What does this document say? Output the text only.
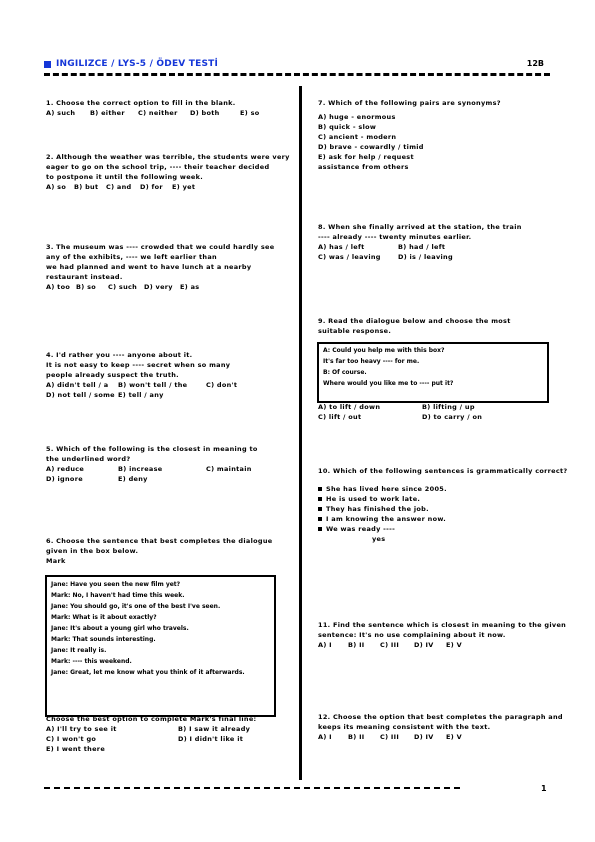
INGILIZCE / LYS-5 / ÖDEV TESTİ	12B
1. Choose the correct option to fill in the blank.
A) such B) either C) neither D) both	E) so
2. Although the weather was terrible, the students were very
eager to go on the school trip, ---- their teacher decided
to postpone it until the following week.
A) so B) but C) and D) for E) yet
3. The museum was ---- crowded that we could hardly see
any of the exhibits, ---- we left earlier than
we had planned and went to have lunch at a nearby
restaurant instead.
A) too B) so C) such D) very E) as
4. I'd rather you ---- anyone about it.
It is not easy to keep ---- secret when so many
people already suspect the truth.
A) didn't tell / a B) won't tell / the	C) don't
D) not tell / some E) tell / any
5. Which of the following is the closest in meaning to
the underlined word?
A) reduce	B) increase	C) maintain
D) ignore	E) deny
6. Choose the sentence that best completes the dialogue
given in the box below.
Mark
Jane: Have you seen the new film yet?
Mark: No, I haven't had time this week.
Jane: You should go, it's one of the best I've seen.
Mark: What is it about exactly?
Jane: It's about a young girl who travels.
Mark: That sounds interesting.
Jane: It really is.
Mark: ---- this weekend.
Jane: Great, let me know what you think of it afterwards.
Choose the best option to complete Mark's final line:
A) I'll try to see it	B) I saw it already
C) I won't go	D) I didn't like it
E) I went there
7. Which of the following pairs are synonyms?
A) huge - enormous
B) quick - slow
C) ancient - modern
D) brave - cowardly / timid
E) ask for help / request
assistance from others
8. When she finally arrived at the station, the train
---- already ---- twenty minutes earlier.
A) has / left	B) had / left
C) was / leaving	D) is / leaving
9. Read the dialogue below and choose the most
suitable response.
A: Could you help me with this box?
It's far too heavy ---- for me.
B: Of course.
Where would you like me to ---- put it?
A) to lift / down	B) lifting / up
C) lift / out	D) to carry / on
10. Which of the following sentences is grammatically correct?
She has lived here since 2005.
He is used to work late.
They has finished the job.
I am knowing the answer now.
We was ready ----
yes
11. Find the sentence which is closest in meaning to the given
sentence: It's no use complaining about it now.
A) I B) II C) III D) IV E) V
12. Choose the option that best completes the paragraph and
keeps its meaning consistent with the text.
A) I B) II C) III D) IV E) V
1
